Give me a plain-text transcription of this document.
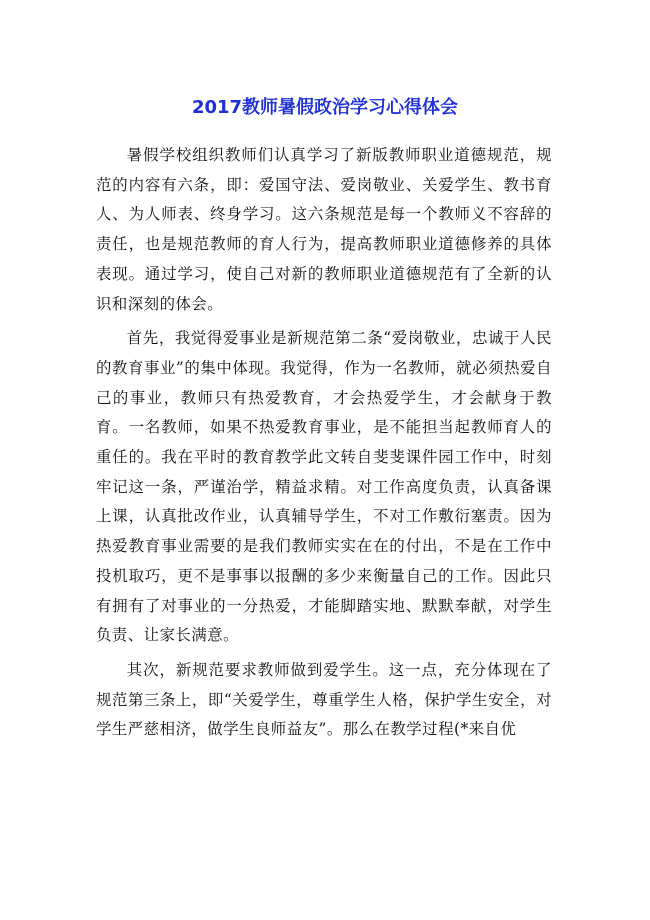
2017教师暑假政治学习心得体会

暑假学校组织教师们认真学习了新版教师职业道德规范，规范的内容有六条，即：爱国守法、爱岗敬业、关爱学生、教书育人、为人师表、终身学习。这六条规范是每一个教师义不容辞的责任，也是规范教师的育人行为，提高教师职业道德修养的具体表现。通过学习，使自己对新的教师职业道德规范有了全新的认识和深刻的体会。

首先，我觉得爱事业是新规范第二条“爱岗敬业，忠诚于人民的教育事业”的集中体现。我觉得，作为一名教师，就必须热爱自己的事业，教师只有热爱教育，才会热爱学生，才会献身于教育。一名教师，如果不热爱教育事业，是不能担当起教师育人的重任的。我在平时的教育教学此文转自斐斐课件园工作中，时刻牢记这一条，严谨治学，精益求精。对工作高度负责，认真备课上课，认真批改作业，认真辅导学生，不对工作敷衍塞责。因为热爱教育事业需要的是我们教师实实在在的付出，不是在工作中投机取巧，更不是事事以报酬的多少来衡量自己的工作。因此只有拥有了对事业的一分热爱，才能脚踏实地、默默奉献，对学生负责、让家长满意。

其次，新规范要求教师做到爱学生。这一点，充分体现在了规范第三条上，即“关爱学生，尊重学生人格，保护学生安全，对学生严慈相济，做学生良师益友”。那么在教学过程(*来自优
